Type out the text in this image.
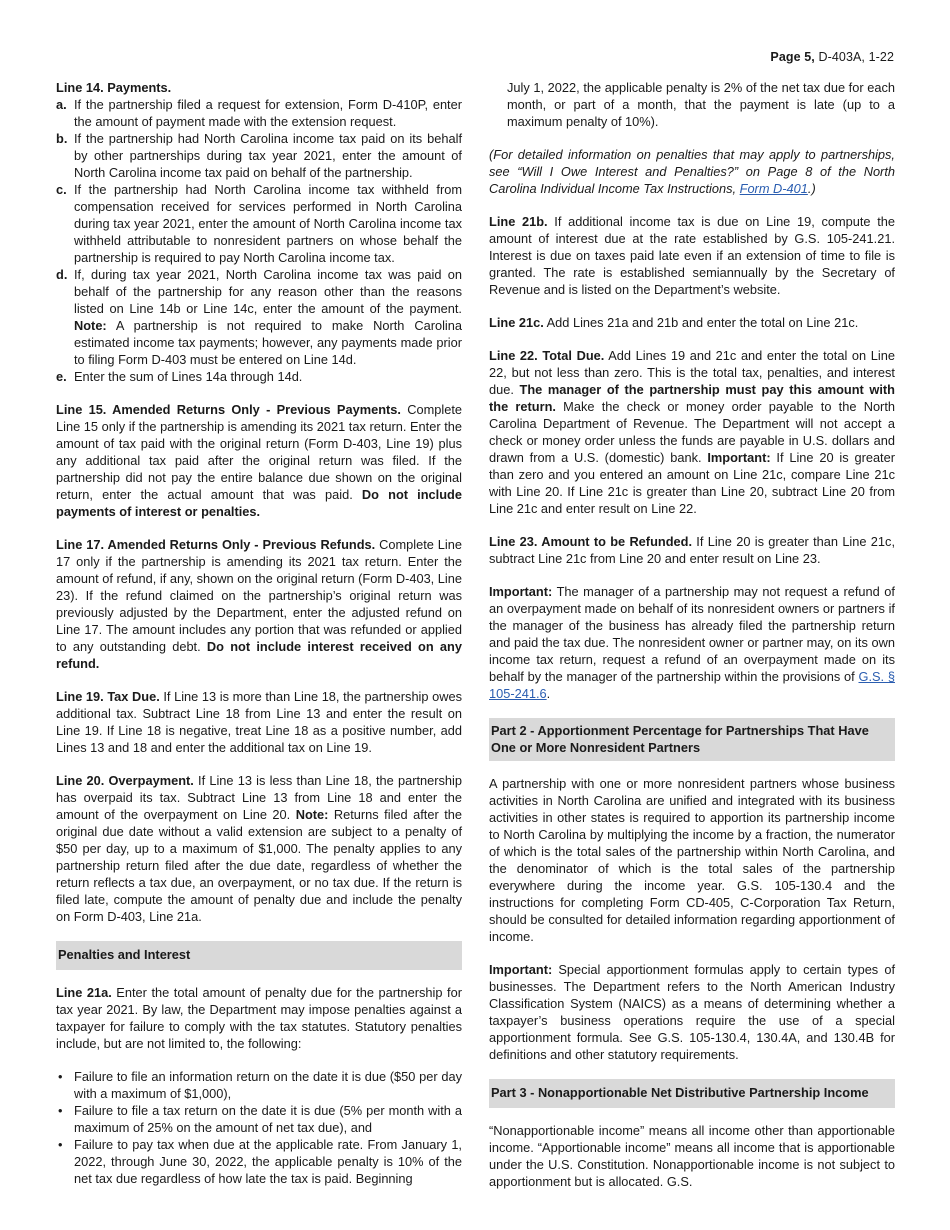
Page 5, D-403A, 1-22
Line 14. Payments.
a. If the partnership filed a request for extension, Form D-410P, enter the amount of payment made with the extension request.
b. If the partnership had North Carolina income tax paid on its behalf by other partnerships during tax year 2021, enter the amount of North Carolina income tax paid on behalf of the partnership.
c. If the partnership had North Carolina income tax withheld from compensation received for services performed in North Carolina during tax year 2021, enter the amount of North Carolina income tax withheld attributable to nonresident partners on whose behalf the partnership is required to pay North Carolina income tax.
d. If, during tax year 2021, North Carolina income tax was paid on behalf of the partnership for any reason other than the reasons listed on Line 14b or Line 14c, enter the amount of the payment. Note: A partnership is not required to make North Carolina estimated income tax payments; however, any payments made prior to filing Form D-403 must be entered on Line 14d.
e. Enter the sum of Lines 14a through 14d.

Line 15. Amended Returns Only - Previous Payments. Complete Line 15 only if the partnership is amending its 2021 tax return. Enter the amount of tax paid with the original return (Form D-403, Line 19) plus any additional tax paid after the original return was filed. If the partnership did not pay the entire balance due shown on the original return, enter the actual amount that was paid. Do not include payments of interest or penalties.

Line 17. Amended Returns Only - Previous Refunds. Complete Line 17 only if the partnership is amending its 2021 tax return. Enter the amount of refund, if any, shown on the original return (Form D-403, Line 23). If the refund claimed on the partnership’s original return was previously adjusted by the Department, enter the adjusted refund on Line 17. The amount includes any portion that was refunded or applied to any outstanding debt. Do not include interest received on any refund.

Line 19. Tax Due. If Line 13 is more than Line 18, the partnership owes additional tax. Subtract Line 18 from Line 13 and enter the result on Line 19. If Line 18 is negative, treat Line 18 as a positive number, add Lines 13 and 18 and enter the additional tax on Line 19.

Line 20. Overpayment. If Line 13 is less than Line 18, the partnership has overpaid its tax. Subtract Line 13 from Line 18 and enter the amount of the overpayment on Line 20. Note: Returns filed after the original due date without a valid extension are subject to a penalty of $50 per day, up to a maximum of $1,000. The penalty applies to any partnership return filed after the due date, regardless of whether the return reflects a tax due, an overpayment, or no tax due. If the return is filed late, compute the amount of penalty due and include the penalty on Form D-403, Line 21a.

Penalties and Interest

Line 21a. Enter the total amount of penalty due for the partnership for tax year 2021. By law, the Department may impose penalties against a taxpayer for failure to comply with the tax statutes. Statutory penalties include, but are not limited to, the following:

• Failure to file an information return on the date it is due ($50 per day with a maximum of $1,000),
• Failure to file a tax return on the date it is due (5% per month with a maximum of 25% on the amount of net tax due), and
• Failure to pay tax when due at the applicable rate. From January 1, 2022, through June 30, 2022, the applicable penalty is 10% of the net tax due regardless of how late the tax is paid. Beginning
July 1, 2022, the applicable penalty is 2% of the net tax due for each month, or part of a month, that the payment is late (up to a maximum penalty of 10%).

(For detailed information on penalties that may apply to partnerships, see “Will I Owe Interest and Penalties?” on Page 8 of the North Carolina Individual Income Tax Instructions, Form D-401.)

Line 21b. If additional income tax is due on Line 19, compute the amount of interest due at the rate established by G.S. 105-241.21. Interest is due on taxes paid late even if an extension of time to file is granted. The rate is established semiannually by the Secretary of Revenue and is listed on the Department’s website.

Line 21c. Add Lines 21a and 21b and enter the total on Line 21c.

Line 22. Total Due. Add Lines 19 and 21c and enter the total on Line 22, but not less than zero. This is the total tax, penalties, and interest due. The manager of the partnership must pay this amount with the return. Make the check or money order payable to the North Carolina Department of Revenue. The Department will not accept a check or money order unless the funds are payable in U.S. dollars and drawn from a U.S. (domestic) bank. Important: If Line 20 is greater than zero and you entered an amount on Line 21c, compare Line 21c with Line 20. If Line 21c is greater than Line 20, subtract Line 20 from Line 21c and enter result on Line 22.

Line 23. Amount to be Refunded. If Line 20 is greater than Line 21c, subtract Line 21c from Line 20 and enter result on Line 23.

Important: The manager of a partnership may not request a refund of an overpayment made on behalf of its nonresident owners or partners if the manager of the business has already filed the partnership return and paid the tax due. The nonresident owner or partner may, on its own income tax return, request a refund of an overpayment made on its behalf by the manager of the partnership within the provisions of G.S. § 105-241.6.

Part 2 - Apportionment Percentage for Partnerships That Have One or More Nonresident Partners

A partnership with one or more nonresident partners whose business activities in North Carolina are unified and integrated with its business activities in other states is required to apportion its partnership income to North Carolina by multiplying the income by a fraction, the numerator of which is the total sales of the partnership within North Carolina, and the denominator of which is the total sales of the partnership everywhere during the income year. G.S. 105-130.4 and the instructions for completing Form CD-405, C-Corporation Tax Return, should be consulted for detailed information regarding apportionment of income.

Important: Special apportionment formulas apply to certain types of businesses. The Department refers to the North American Industry Classification System (NAICS) as a means of determining whether a taxpayer’s business operations require the use of a special apportionment formula. See G.S. 105-130.4, 130.4A, and 130.4B for definitions and other statutory requirements.

Part 3 - Nonapportionable Net Distributive Partnership Income

“Nonapportionable income” means all income other than apportionable income. “Apportionable income” means all income that is apportionable under the U.S. Constitution. Nonapportionable income is not subject to apportionment but is allocated. G.S.
